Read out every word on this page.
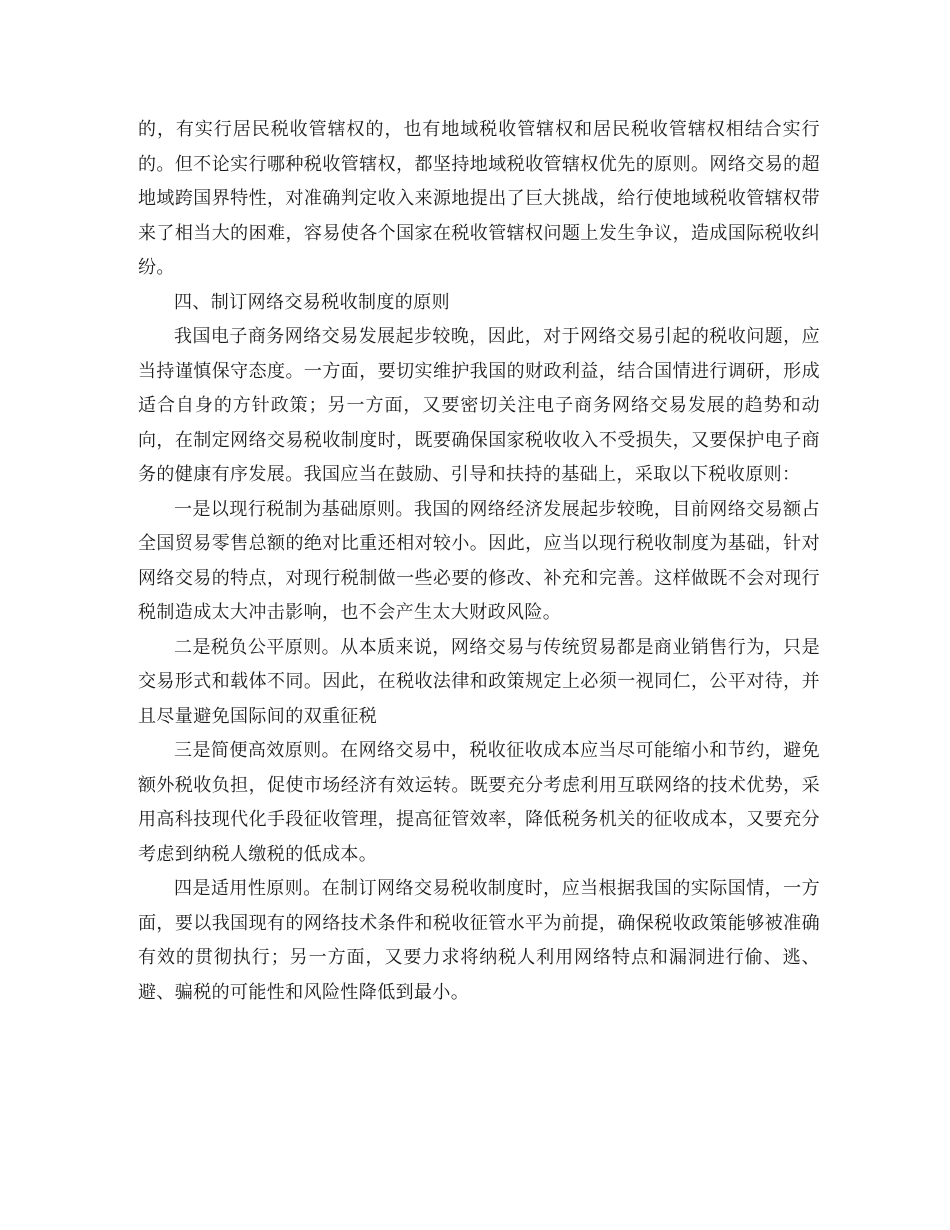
的，有实行居民税收管辖权的，也有地域税收管辖权和居民税收管辖权相结合实行的。但不论实行哪种税收管辖权，都坚持地域税收管辖权优先的原则。网络交易的超地域跨国界特性，对准确判定收入来源地提出了巨大挑战，给行使地域税收管辖权带来了相当大的困难，容易使各个国家在税收管辖权问题上发生争议，造成国际税收纠纷。

四、制订网络交易税收制度的原则

我国电子商务网络交易发展起步较晚，因此，对于网络交易引起的税收问题，应当持谨慎保守态度。一方面，要切实维护我国的财政利益，结合国情进行调研，形成适合自身的方针政策；另一方面，又要密切关注电子商务网络交易发展的趋势和动向，在制定网络交易税收制度时，既要确保国家税收收入不受损失，又要保护电子商务的健康有序发展。我国应当在鼓励、引导和扶持的基础上，采取以下税收原则：

一是以现行税制为基础原则。我国的网络经济发展起步较晚，目前网络交易额占全国贸易零售总额的绝对比重还相对较小。因此，应当以现行税收制度为基础，针对网络交易的特点，对现行税制做一些必要的修改、补充和完善。这样做既不会对现行税制造成太大冲击影响，也不会产生太大财政风险。

二是税负公平原则。从本质来说，网络交易与传统贸易都是商业销售行为，只是交易形式和载体不同。因此，在税收法律和政策规定上必须一视同仁，公平对待，并且尽量避免国际间的双重征税

三是简便高效原则。在网络交易中，税收征收成本应当尽可能缩小和节约，避免额外税收负担，促使市场经济有效运转。既要充分考虑利用互联网络的技术优势，采用高科技现代化手段征收管理，提高征管效率，降低税务机关的征收成本，又要充分考虑到纳税人缴税的低成本。

四是适用性原则。在制订网络交易税收制度时，应当根据我国的实际国情，一方面，要以我国现有的网络技术条件和税收征管水平为前提，确保税收政策能够被准确有效的贯彻执行；另一方面，又要力求将纳税人利用网络特点和漏洞进行偷、逃、避、骗税的可能性和风险性降低到最小。
